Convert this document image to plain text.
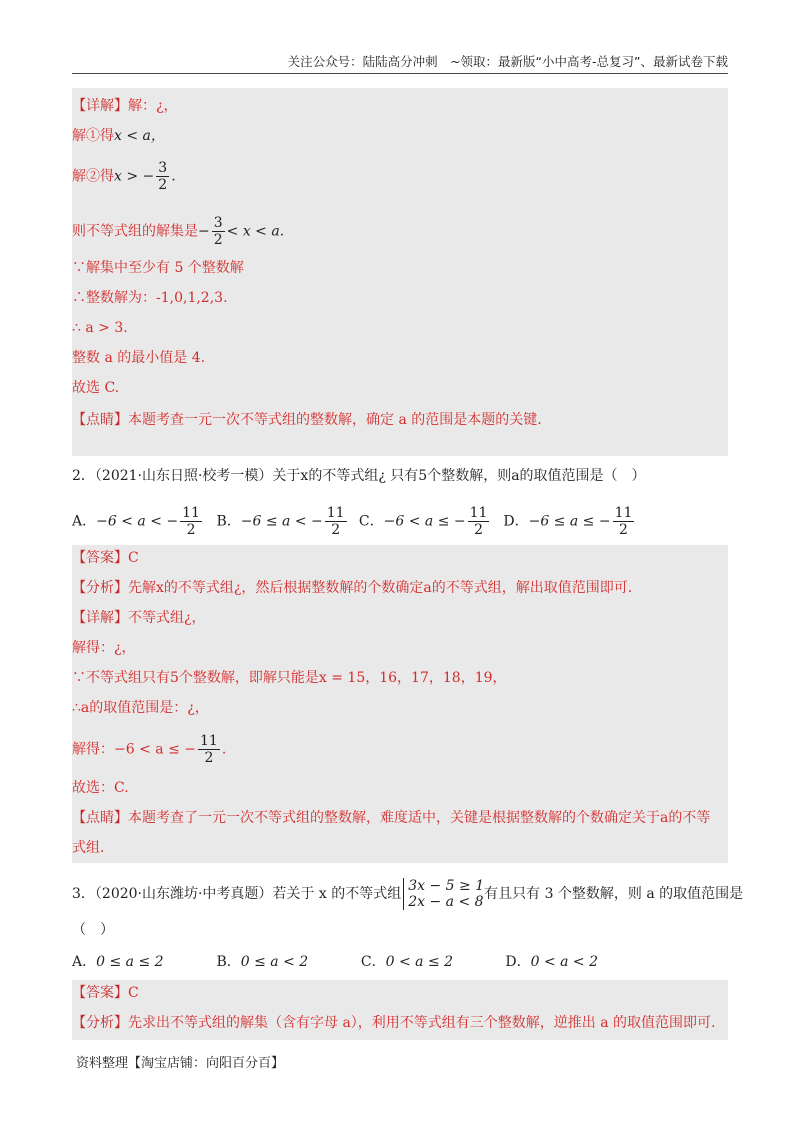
关注公众号：陆陆高分冲刺　~领取：最新版“小中高考-总复习”、最新试卷下载
【详解】解：¿，
解①得x < a，
解②得x > − $\frac{3}{2}$ .
则不等式组的解集是− $\frac{3}{2} < x < a$.
∵解集中至少有 5 个整数解
∴整数解为：-1,0,1,2,3.
∴ a > 3.
整数 a 的最小值是 4.
故选 C.
【点睛】本题考查一元一次不等式组的整数解，确定 a 的范围是本题的关键.
2．（2021·山东日照·校考一模）关于x的不等式组¿ 只有5个整数解，则a的取值范围是（　）
A．−6 < a < − $\frac{11}{2}$ B．−6 ≤ a < − $\frac{11}{2}$ C．−6 < a ≤ − $\frac{11}{2}$ D．−6 ≤ a ≤ − $\frac{11}{2}$
【答案】C
【分析】先解x的不等式组¿，然后根据整数解的个数确定a的不等式组，解出取值范围即可.
【详解】不等式组¿，
解得：¿，
∵不等式组只有5个整数解，即解只能是x = 15，16，17，18，19，
∴a的取值范围是：¿，
解得：−6 < a ≤ − $\frac{11}{2}$ .
故选：C.
【点睛】本题考查了一元一次不等式组的整数解，难度适中，关键是根据整数解的个数确定关于a的不等
式组.
3．（2020·山东潍坊·中考真题）若关于 x 的不等式组 3x − 5 ≥ 1
2x − a < 8 有且只有 3 个整数解，则 a 的取值范围是
（　）
A．0 ≤ a ≤ 2	B．0 ≤ a < 2	C．0 < a ≤ 2	D．0 < a < 2
【答案】C
【分析】先求出不等式组的解集（含有字母 a），利用不等式组有三个整数解，逆推出 a 的取值范围即可.
资料整理【淘宝店铺：向阳百分百】
